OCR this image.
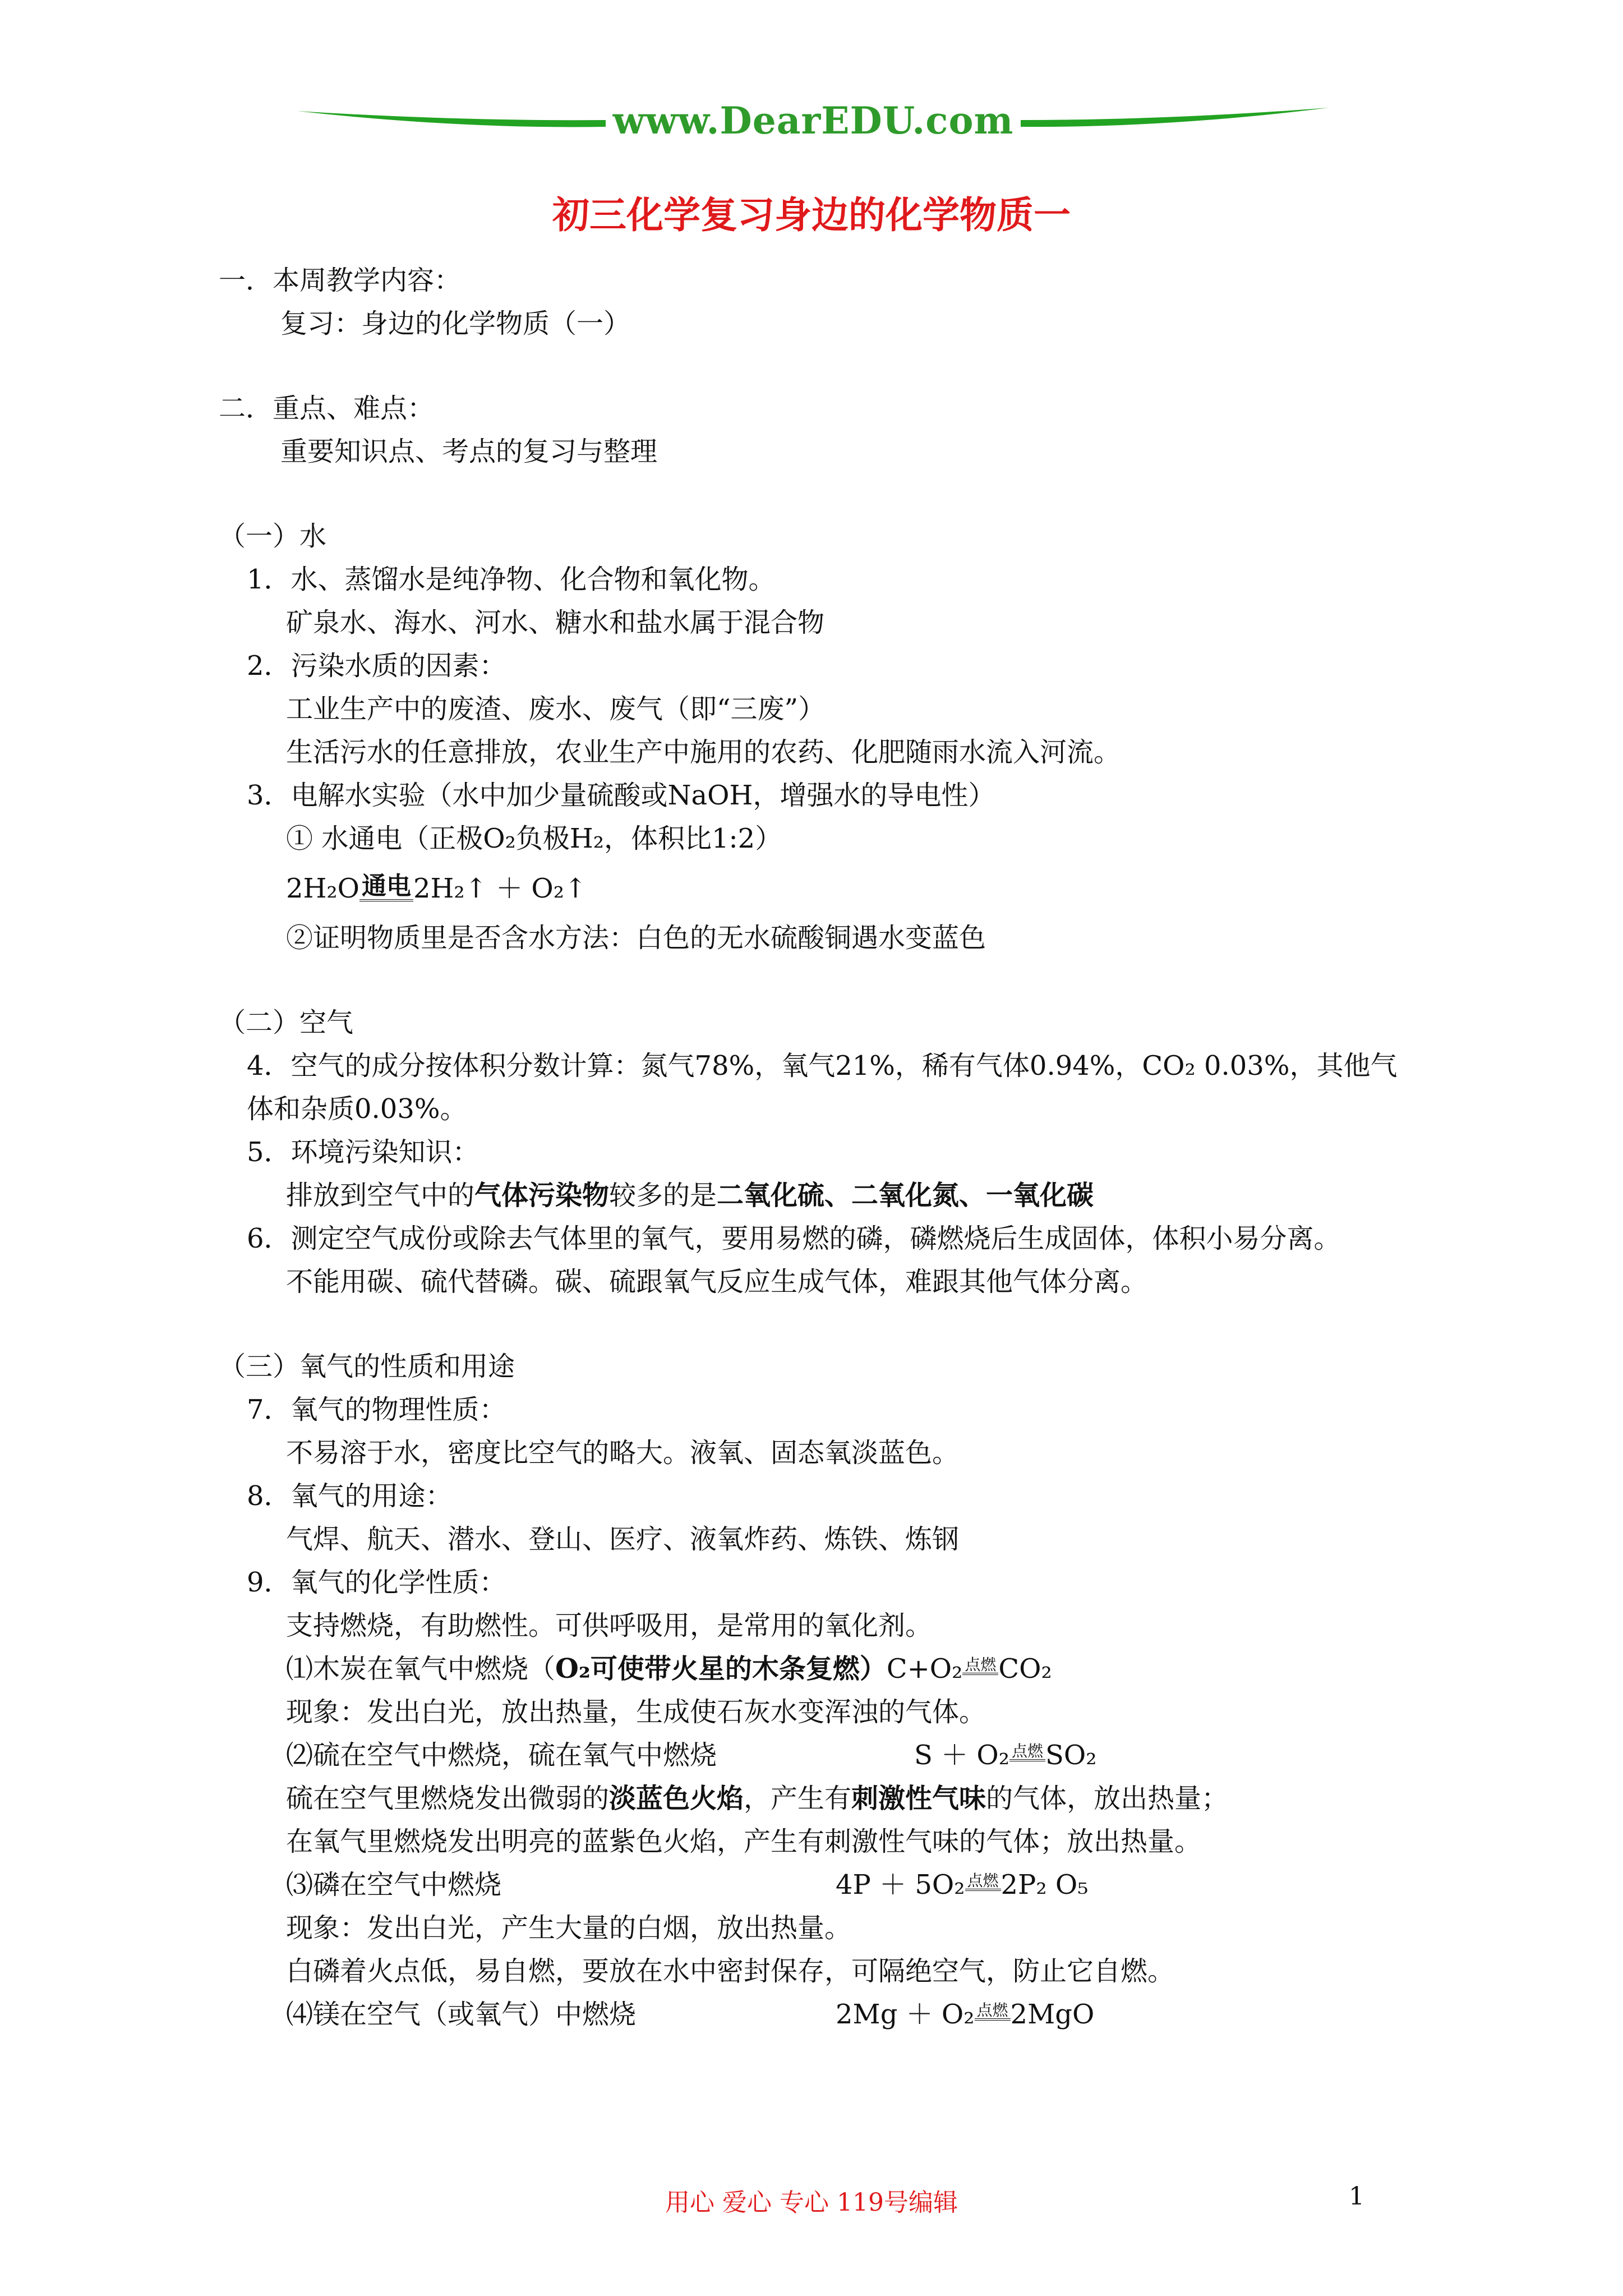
www.DearEDU.com
初三化学复习身边的化学物质一
一．本周教学内容：
复习：身边的化学物质（一）
二．重点、难点：
重要知识点、考点的复习与整理
（一）水
1．水、蒸馏水是纯净物、化合物和氧化物。
矿泉水、海水、河水、糖水和盐水属于混合物
2．污染水质的因素：
工业生产中的废渣、废水、废气（即“三废”）
生活污水的任意排放，农业生产中施用的农药、化肥随雨水流入河流。
3．电解水实验（水中加少量硫酸或NaOH，增强水的导电性）
① 水通电（正极O₂负极H₂，体积比1:2）
2H₂O通电2H₂↑ ＋ O₂↑
②证明物质里是否含水方法：白色的无水硫酸铜遇水变蓝色
（二）空气
4．空气的成分按体积分数计算：氮气78%，氧气21%，稀有气体0.94%，CO₂ 0.03%，其他气体和杂质0.03%。
5．环境污染知识：
排放到空气中的气体污染物较多的是二氧化硫、二氧化氮、一氧化碳
6．测定空气成份或除去气体里的氧气，要用易燃的磷，磷燃烧后生成固体，体积小易分离。
不能用碳、硫代替磷。碳、硫跟氧气反应生成气体，难跟其他气体分离。
（三）氧气的性质和用途
7．氧气的物理性质：
不易溶于水，密度比空气的略大。液氧、固态氧淡蓝色。
8．氧气的用途：
气焊、航天、潜水、登山、医疗、液氧炸药、炼铁、炼钢
9．氧气的化学性质：
支持燃烧，有助燃性。可供呼吸用，是常用的氧化剂。
⑴木炭在氧气中燃烧（O₂可使带火星的木条复燃）C+O₂ 点燃CO₂
现象：发出白光，放出热量，生成使石灰水变浑浊的气体。
⑵硫在空气中燃烧，硫在氧气中燃烧	S ＋ O₂ 点燃SO₂
硫在空气里燃烧发出微弱的淡蓝色火焰，产生有刺激性气味的气体，放出热量；
在氧气里燃烧发出明亮的蓝紫色火焰，产生有刺激性气味的气体；放出热量。
⑶磷在空气中燃烧	4P ＋ 5O₂ 点燃2P₂ O₅
现象：发出白光，产生大量的白烟，放出热量。
白磷着火点低，易自燃，要放在水中密封保存，可隔绝空气，防止它自燃。
⑷镁在空气（或氧气）中燃烧	2Mg ＋ O₂ 点燃2MgO
用心 爱心 专心 119号编辑	1
